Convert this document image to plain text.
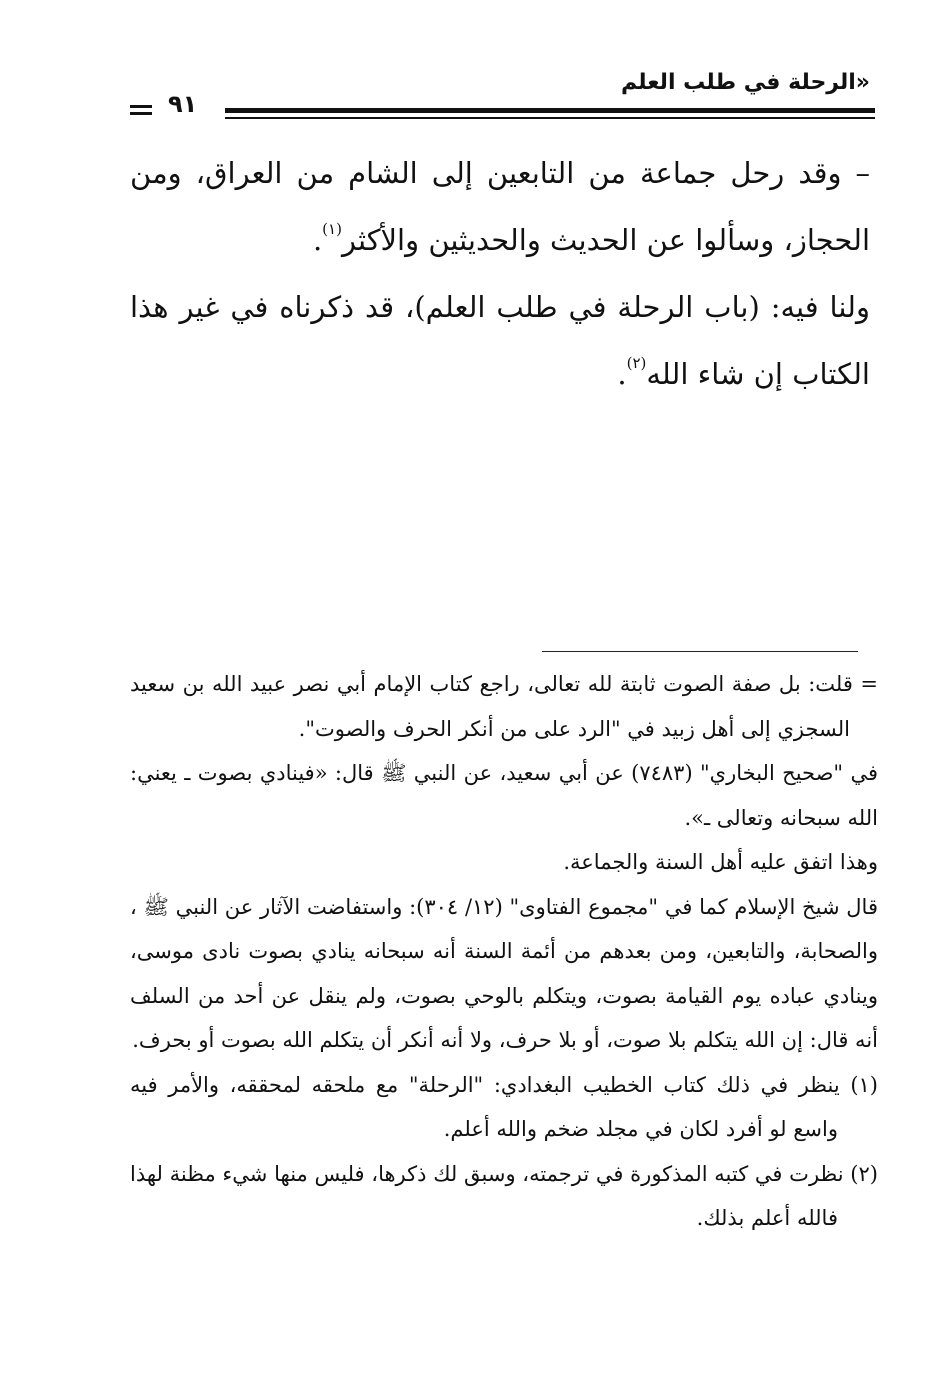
«الرحلة في طلب العلم
٩١

– وقد رحل جماعة من التابعين إلى الشام من العراق، ومن الحجاز، وسألوا عن الحديث والحديثين والأكثر$^{(١)}$.

ولنا فيه: (باب الرحلة في طلب العلم)، قد ذكرناه في غير هذا الكتاب إن شاء الله$^{(٢)}$.

= قلت: بل صفة الصوت ثابتة لله تعالى، راجع كتاب الإمام أبي نصر عبيد الله بن سعيد السجزي إلى أهل زبيد في "الرد على من أنكر الحرف والصوت".

في "صحيح البخاري" (٧٤٨٣) عن أبي سعيد، عن النبي ﷺ قال: «فينادي بصوت ـ يعني: الله سبحانه وتعالى ـ».

وهذا اتفق عليه أهل السنة والجماعة.

قال شيخ الإسلام كما في "مجموع الفتاوى" (١٢/ ٣٠٤): واستفاضت الآثار عن النبي ﷺ ، والصحابة، والتابعين، ومن بعدهم من أئمة السنة أنه سبحانه ينادي بصوت نادى موسى، وينادي عباده يوم القيامة بصوت، ويتكلم بالوحي بصوت، ولم ينقل عن أحد من السلف أنه قال: إن الله يتكلم بلا صوت، أو بلا حرف، ولا أنه أنكر أن يتكلم الله بصوت أو بحرف.

(١) ينظر في ذلك كتاب الخطيب البغدادي: "الرحلة" مع ملحقه لمحققه، والأمر فيه واسع لو أفرد لكان في مجلد ضخم والله أعلم.

(٢) نظرت في كتبه المذكورة في ترجمته، وسبق لك ذكرها، فليس منها شيء مظنة لهذا فالله أعلم بذلك.
